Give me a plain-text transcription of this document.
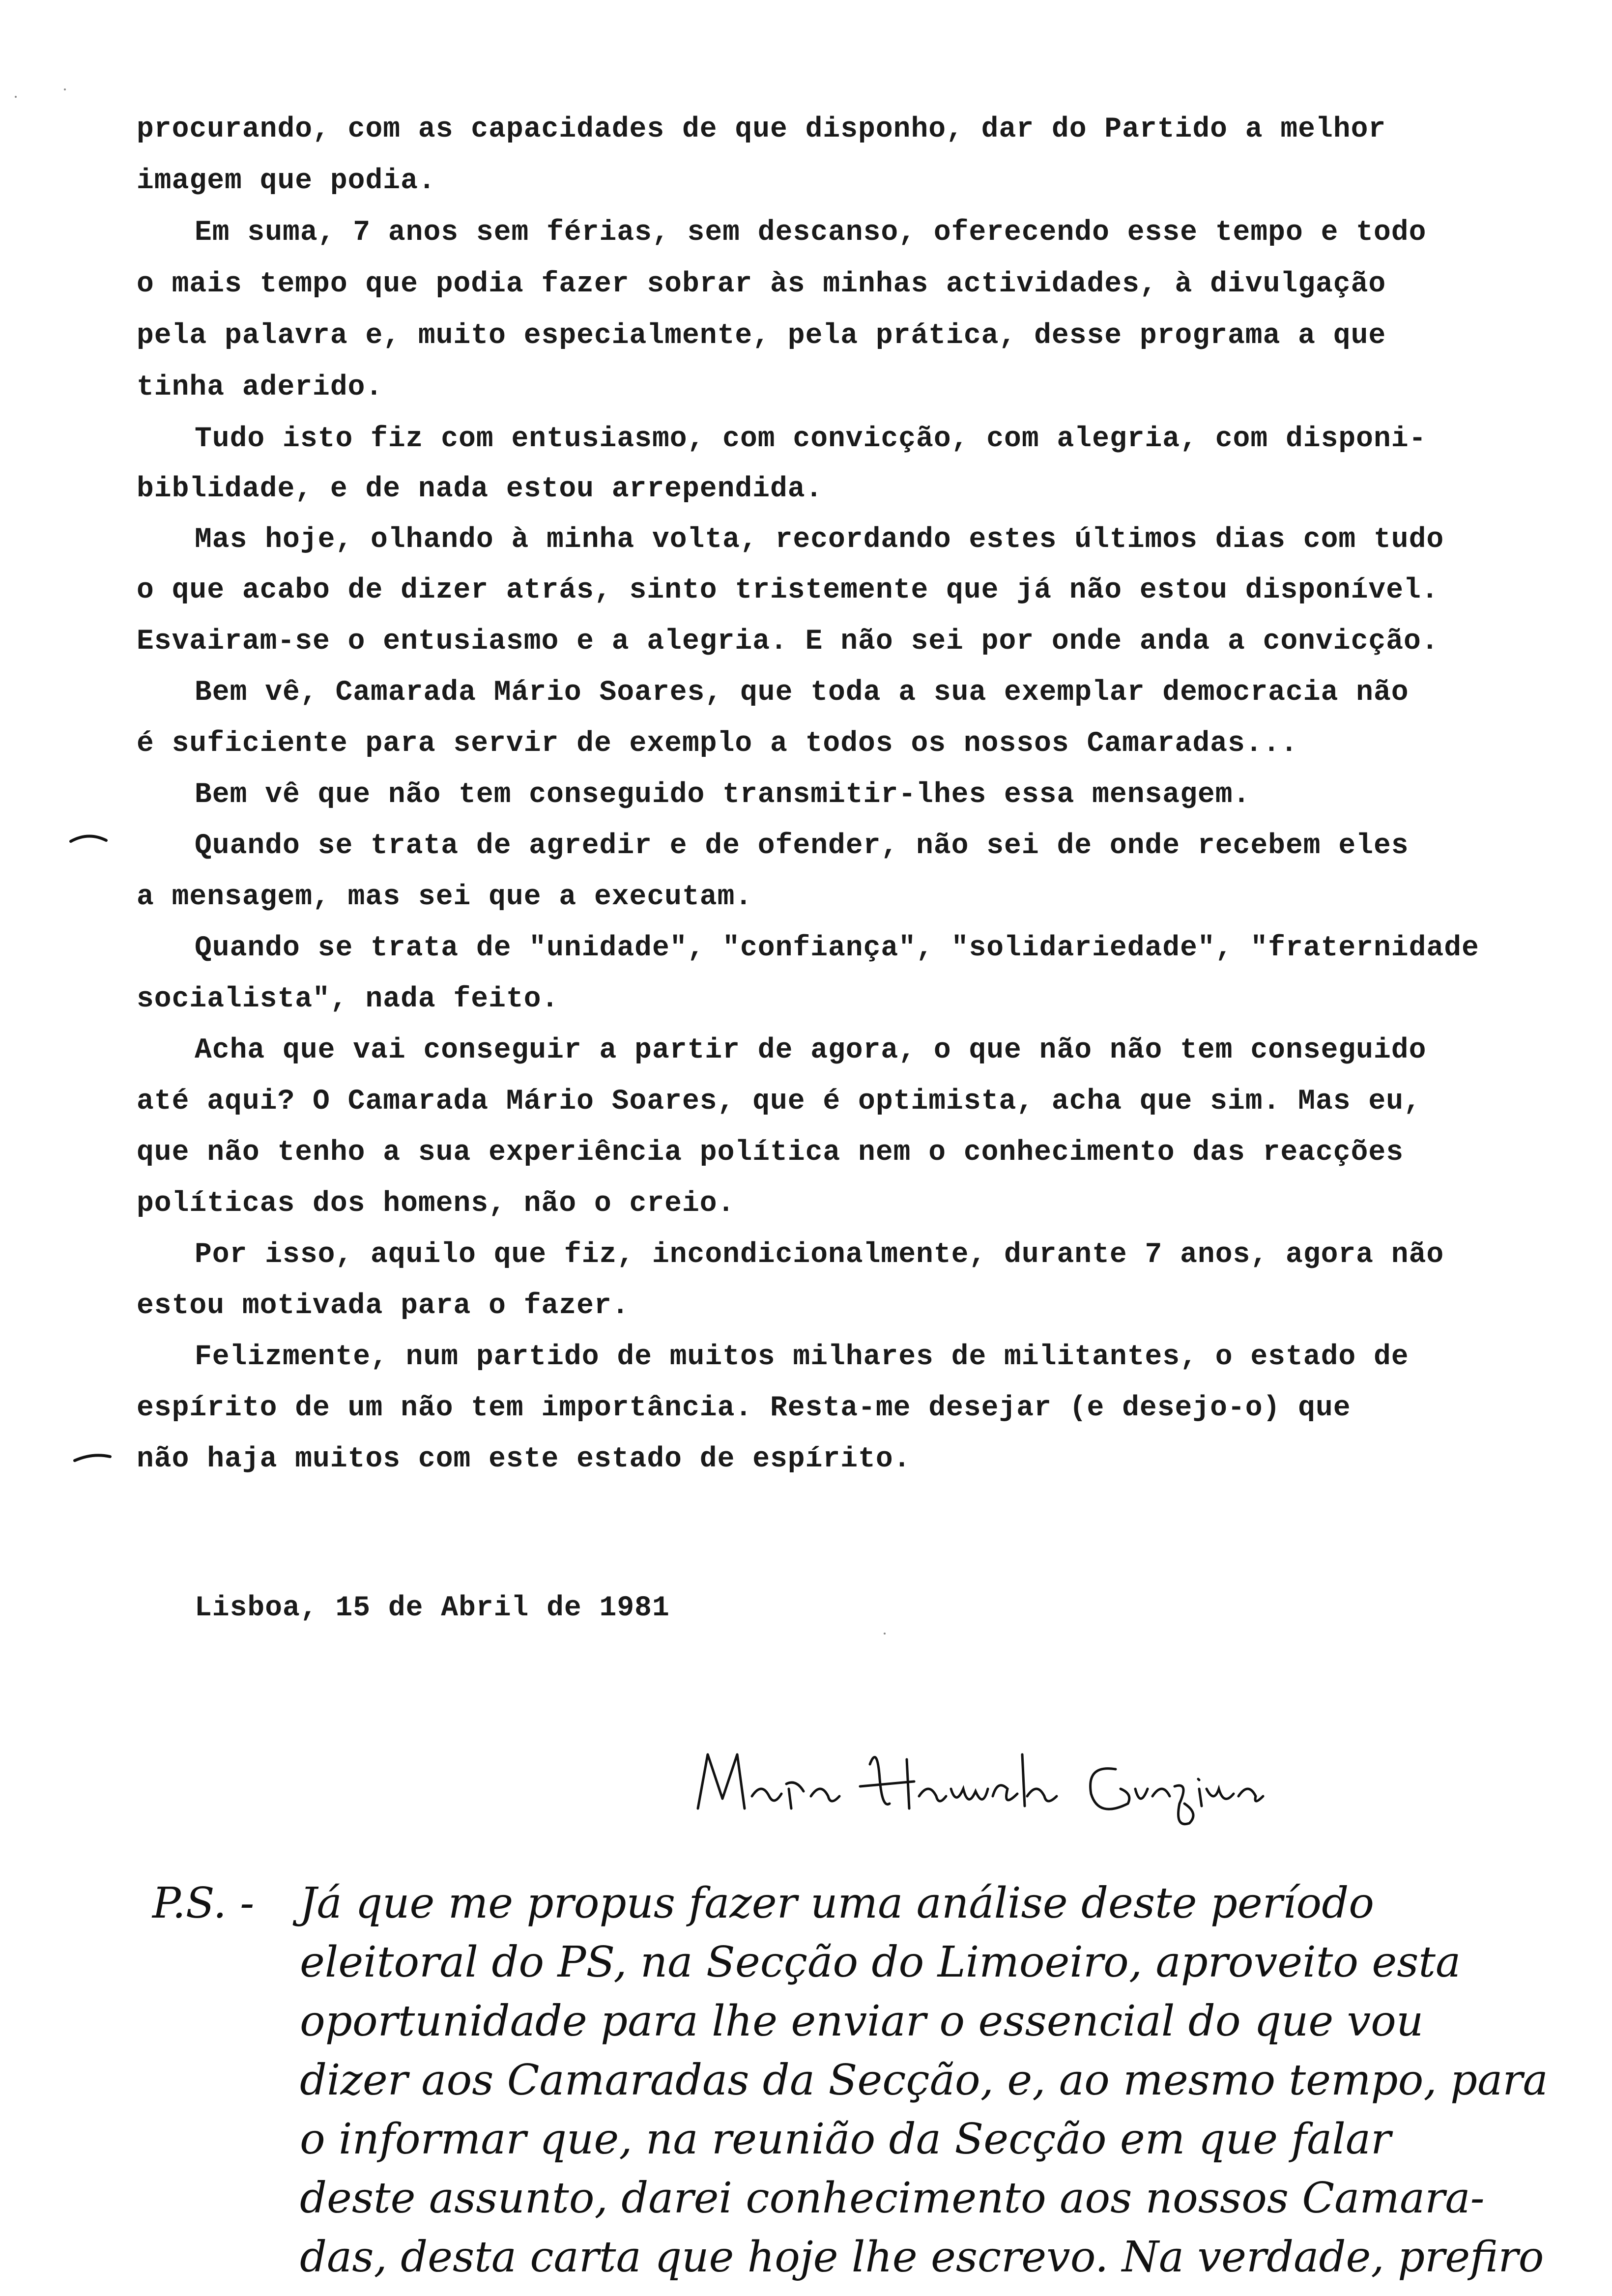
procurando, com as capacidades de que disponho, dar do Partido a melhor
imagem que podia.
Em suma, 7 anos sem férias, sem descanso, oferecendo esse tempo e todo
o mais tempo que podia fazer sobrar às minhas actividades, à divulgação
pela palavra e, muito especialmente, pela prática, desse programa a que
tinha aderido.
Tudo isto fiz com entusiasmo, com convicção, com alegria, com disponi-
biblidade, e de nada estou arrependida.
Mas hoje, olhando à minha volta, recordando estes últimos dias com tudo
o que acabo de dizer atrás, sinto tristemente que já não estou disponível.
Esvairam-se o entusiasmo e a alegria. E não sei por onde anda a convicção.
Bem vê, Camarada Mário Soares, que toda a sua exemplar democracia não
é suficiente para servir de exemplo a todos os nossos Camaradas...
Bem vê que não tem conseguido transmitir-lhes essa mensagem.
Quando se trata de agredir e de ofender, não sei de onde recebem eles
a mensagem, mas sei que a executam.
Quando se trata de "unidade", "confiança", "solidariedade", "fraternidade
socialista", nada feito.
Acha que vai conseguir a partir de agora, o que não não tem conseguido
até aqui? O Camarada Mário Soares, que é optimista, acha que sim. Mas eu,
que não tenho a sua experiência política nem o conhecimento das reacções
políticas dos homens, não o creio.
Por isso, aquilo que fiz, incondicionalmente, durante 7 anos, agora não
estou motivada para o fazer.
Felizmente, num partido de muitos milhares de militantes, o estado de
espírito de um não tem importância. Resta-me desejar (e desejo-o) que
não haja muitos com este estado de espírito.
Lisboa, 15 de Abril de 1981
P.S. - Já que me propus fazer uma análise deste período
eleitoral do PS, na Secção do Limoeiro, aproveito esta
oportunidade para lhe enviar o essencial do que vou
dizer aos Camaradas da Secção, e, ao mesmo tempo, para
o informar que, na reunião da Secção em que falar
deste assunto, darei conhecimento aos nossos Camara-
das, desta carta que hoje lhe escrevo. Na verdade, prefiro
